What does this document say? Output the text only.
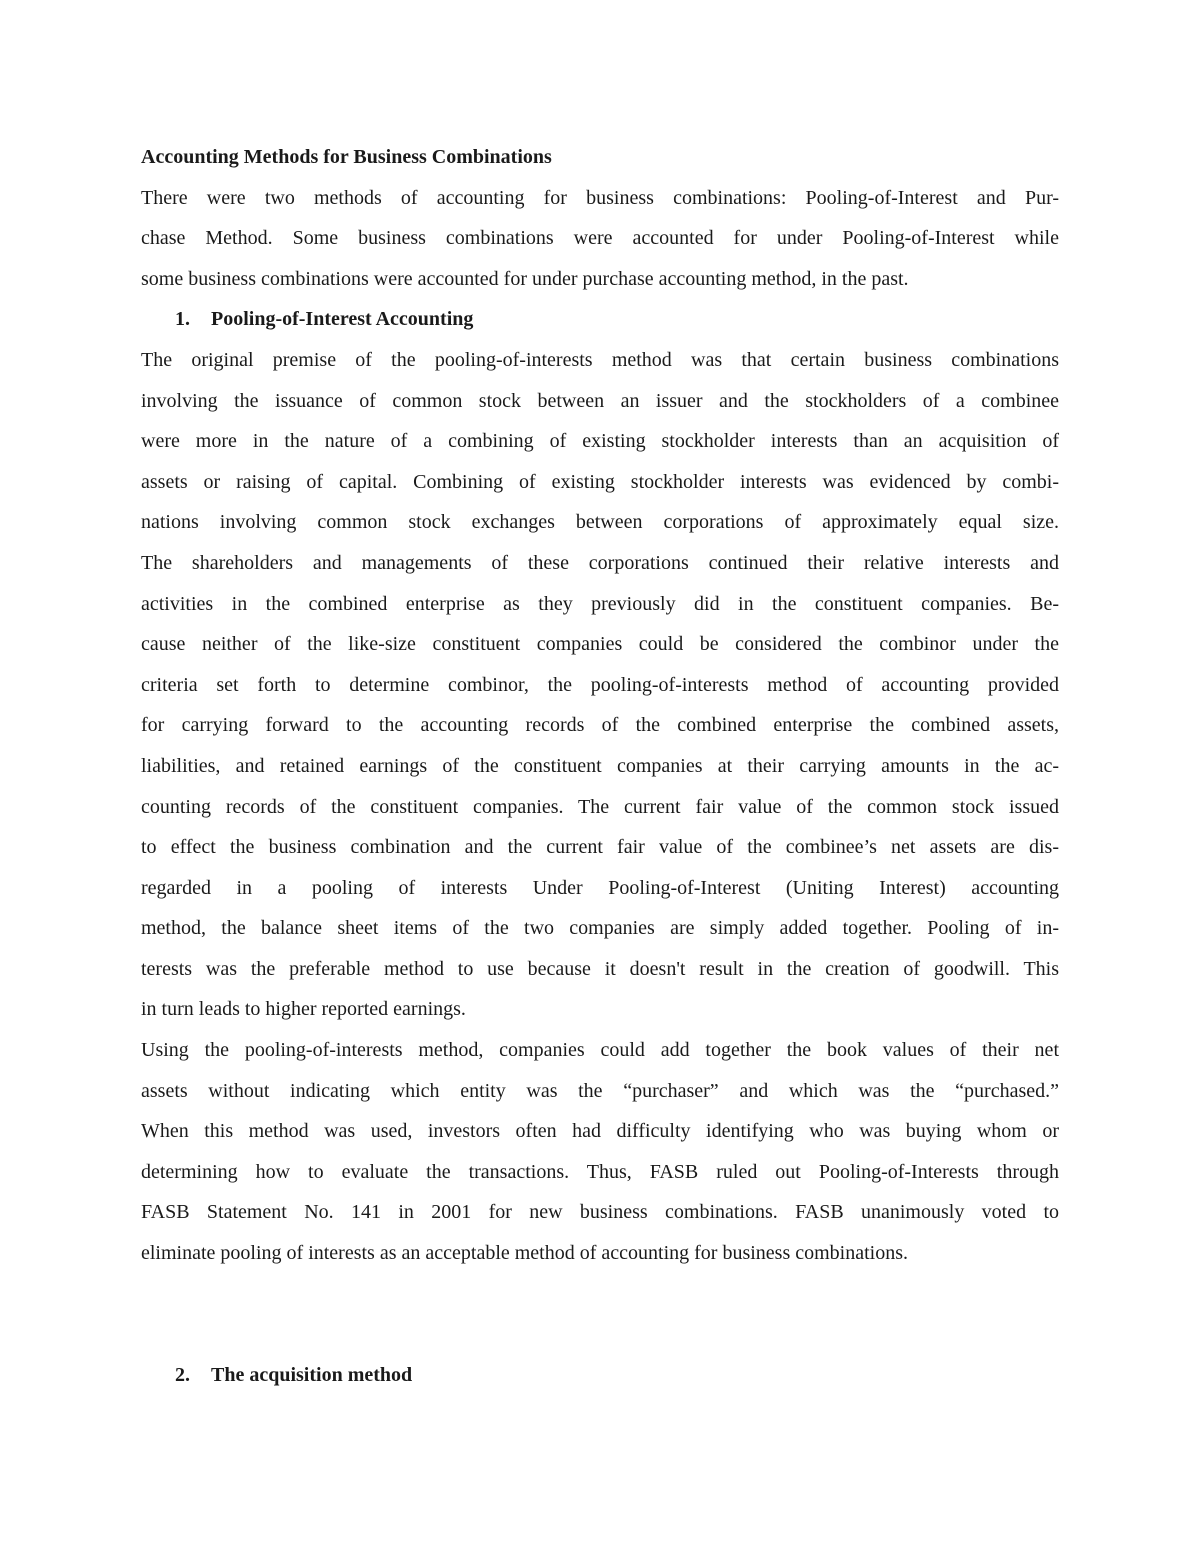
Accounting Methods for Business Combinations
There were two methods of accounting for business combinations: Pooling-of-Interest and Pur-
chase Method. Some business combinations were accounted for under Pooling-of-Interest while
some business combinations were accounted for under purchase accounting method, in the past.
1. Pooling-of-Interest Accounting
The original premise of the pooling-of-interests method was that certain business combinations
involving the issuance of common stock between an issuer and the stockholders of a combinee
were more in the nature of a combining of existing stockholder interests than an acquisition of
assets or raising of capital. Combining of existing stockholder interests was evidenced by combi-
nations involving common stock exchanges between corporations of approximately equal size.
The shareholders and managements of these corporations continued their relative interests and
activities in the combined enterprise as they previously did in the constituent companies. Be-
cause neither of the like-size constituent companies could be considered the combinor under the
criteria set forth to determine combinor, the pooling-of-interests method of accounting provided
for carrying forward to the accounting records of the combined enterprise the combined assets,
liabilities, and retained earnings of the constituent companies at their carrying amounts in the ac-
counting records of the constituent companies. The current fair value of the common stock issued
to effect the business combination and the current fair value of the combinee’s net assets are dis-
regarded in a pooling of interests Under Pooling-of-Interest (Uniting Interest) accounting
method, the balance sheet items of the two companies are simply added together. Pooling of in-
terests was the preferable method to use because it doesn't result in the creation of goodwill. This
in turn leads to higher reported earnings.
Using the pooling-of-interests method, companies could add together the book values of their net
assets without indicating which entity was the “purchaser” and which was the “purchased.”
When this method was used, investors often had difficulty identifying who was buying whom or
determining how to evaluate the transactions. Thus, FASB ruled out Pooling-of-Interests through
FASB Statement No. 141 in 2001 for new business combinations. FASB unanimously voted to
eliminate pooling of interests as an acceptable method of accounting for business combinations.
2. The acquisition method
